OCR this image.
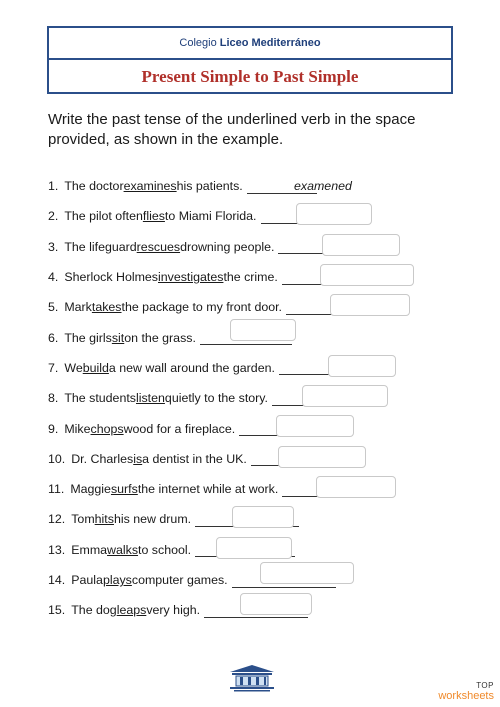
Colegio Liceo Mediterráneo
Present Simple to Past Simple
Write the past tense of the underlined verb in the space provided, as shown in the example.
1. The doctor examines his patients.	examened
2. The pilot often flies to Miami Florida.
3. The lifeguard rescues drowning people.
4. Sherlock Holmes investigates the crime.
5. Mark takes the package to my front door.
6. The girls sit on the grass.
7. We build a new wall around the garden.
8. The students listen quietly to the story.
9. Mike chops wood for a fireplace.
10. Dr. Charles is a dentist in the UK.
11. Maggie surfs the internet while at work.
12. Tom hits his new drum.
13. Emma walks to school.
14. Paula plays computer games.
15. The dog leaps very high.
TOP
worksheets
